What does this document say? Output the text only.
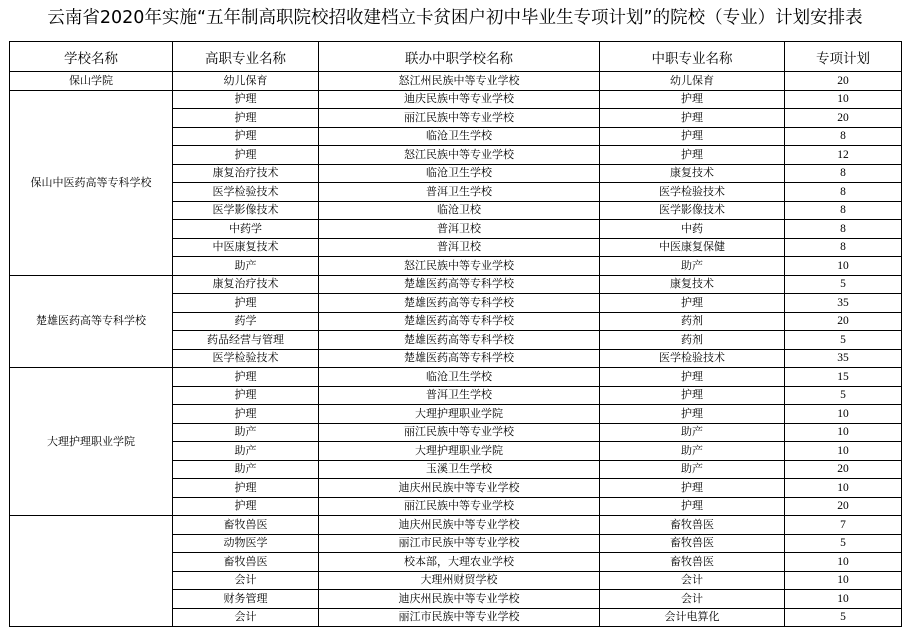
云南省2020年实施“五年制高职院校招收建档立卡贫困户初中毕业生专项计划”的院校（专业）计划安排表
学校名称	高职专业名称	联办中职学校名称	中职专业名称	专项计划
保山学院	幼儿保育	怒江州民族中等专业学校	幼儿保育	20
保山中医药高等专科学校	护理	迪庆民族中等专业学校	护理	10
	护理	丽江民族中等专业学校	护理	20
	护理	临沧卫生学校	护理	8
	护理	怒江民族中等专业学校	护理	12
	康复治疗技术	临沧卫生学校	康复技术	8
	医学检验技术	普洱卫生学校	医学检验技术	8
	医学影像技术	临沧卫校	医学影像技术	8
	中药学	普洱卫校	中药	8
	中医康复技术	普洱卫校	中医康复保健	8
	助产	怒江民族中等专业学校	助产	10
楚雄医药高等专科学校	康复治疗技术	楚雄医药高等专科学校	康复技术	5
	护理	楚雄医药高等专科学校	护理	35
	药学	楚雄医药高等专科学校	药剂	20
	药品经营与管理	楚雄医药高等专科学校	药剂	5
	医学检验技术	楚雄医药高等专科学校	医学检验技术	35
大理护理职业学院	护理	临沧卫生学校	护理	15
	护理	普洱卫生学校	护理	5
	护理	大理护理职业学院	护理	10
	助产	丽江民族中等专业学校	助产	10
	助产	大理护理职业学院	助产	10
	助产	玉溪卫生学校	助产	20
	护理	迪庆州民族中等专业学校	护理	10
	护理	丽江民族中等专业学校	护理	20
	畜牧兽医	迪庆州民族中等专业学校	畜牧兽医	7
	动物医学	丽江市民族中等专业学校	畜牧兽医	5
	畜牧兽医	校本部，大理农业学校	畜牧兽医	10
	会计	大理州财贸学校	会计	10
	财务管理	迪庆州民族中等专业学校	会计	10
	会计	丽江市民族中等专业学校	会计电算化	5
